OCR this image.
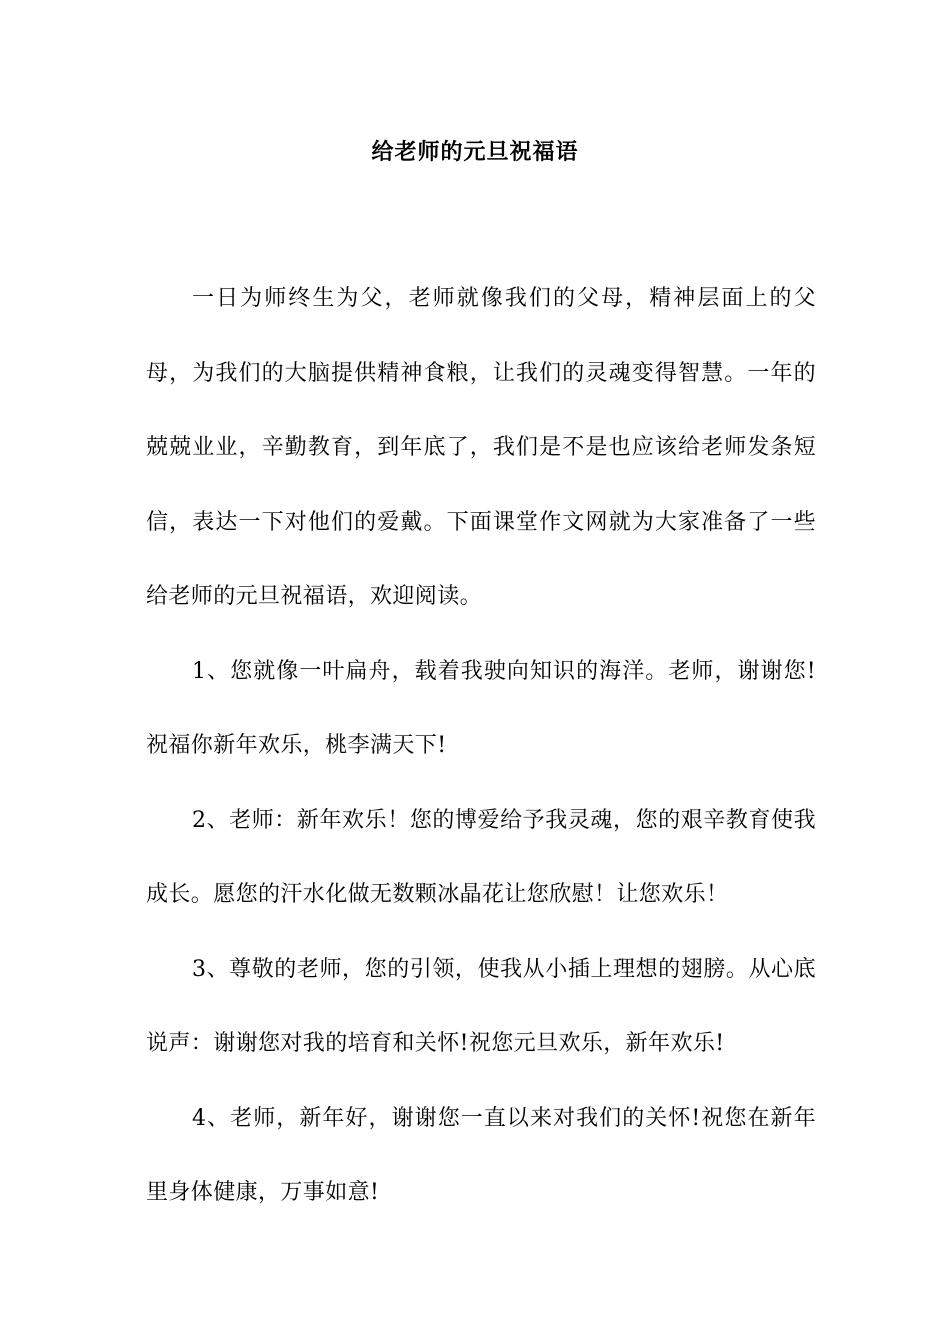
给老师的元旦祝福语

一日为师终生为父，老师就像我们的父母，精神层面上的父母，为我们的大脑提供精神食粮，让我们的灵魂变得智慧。一年的兢兢业业，辛勤教育，到年底了，我们是不是也应该给老师发条短信，表达一下对他们的爱戴。下面课堂作文网就为大家准备了一些给老师的元旦祝福语，欢迎阅读。

1、您就像一叶扁舟，载着我驶向知识的海洋。老师，谢谢您!祝福你新年欢乐，桃李满天下!

2、老师：新年欢乐！您的博爱给予我灵魂，您的艰辛教育使我成长。愿您的汗水化做无数颗冰晶花让您欣慰！让您欢乐！

3、尊敬的老师，您的引领，使我从小插上理想的翅膀。从心底说声：谢谢您对我的培育和关怀!祝您元旦欢乐，新年欢乐!

4、老师，新年好，谢谢您一直以来对我们的关怀!祝您在新年里身体健康，万事如意!
